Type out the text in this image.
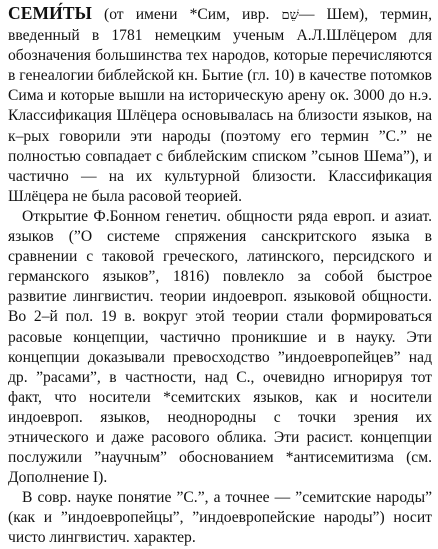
СЕМИ́ТЫ (от имени *Сим, ивр. שֵׁם— Шем), термин, введенный в 1781 немецким ученым А.Л.Шлёцером для обозначения большинства тех народов, которые перечисляются в генеалогии библейской кн. Бытие (гл. 10) в качестве потомков Сима и которые вышли на историческую арену ок. 3000 до н.э. Классификация Шлёцера основывалась на близости языков, на к–рых говорили эти народы (поэтому его термин ”С.” не полностью совпадает с библейским списком ”сынов Шема”), и частично — на их культурной близости. Классификация Шлёцера не была расовой теорией.

Открытие Ф.Бонном генетич. общности ряда европ. и азиат. языков (”О системе спряжения санскритского языка в сравнении с таковой греческого, латинского, персидского и германского языков”, 1816) повлекло за собой быстрое развитие лингвистич. теории индоевроп. языковой общности. Во 2–й пол. 19 в. вокруг этой теории стали формироваться расовые концепции, частично проникшие и в науку. Эти концепции доказывали превосходство ”индоевропейцев” над др. ”расами”, в частности, над С., очевидно игнорируя тот факт, что носители *семитских языков, как и носители индоевроп. языков, неоднородны с точки зрения их этнического и даже расового облика. Эти расист. концепции послужили ”научным” обоснованием *антисемитизма (см. Дополнение I).

В совр. науке понятие ”С.”, а точнее — ”семитские народы” (как и ”индоевропейцы”, ”индоевропейские народы”) носит чисто лингвистич. характер.
